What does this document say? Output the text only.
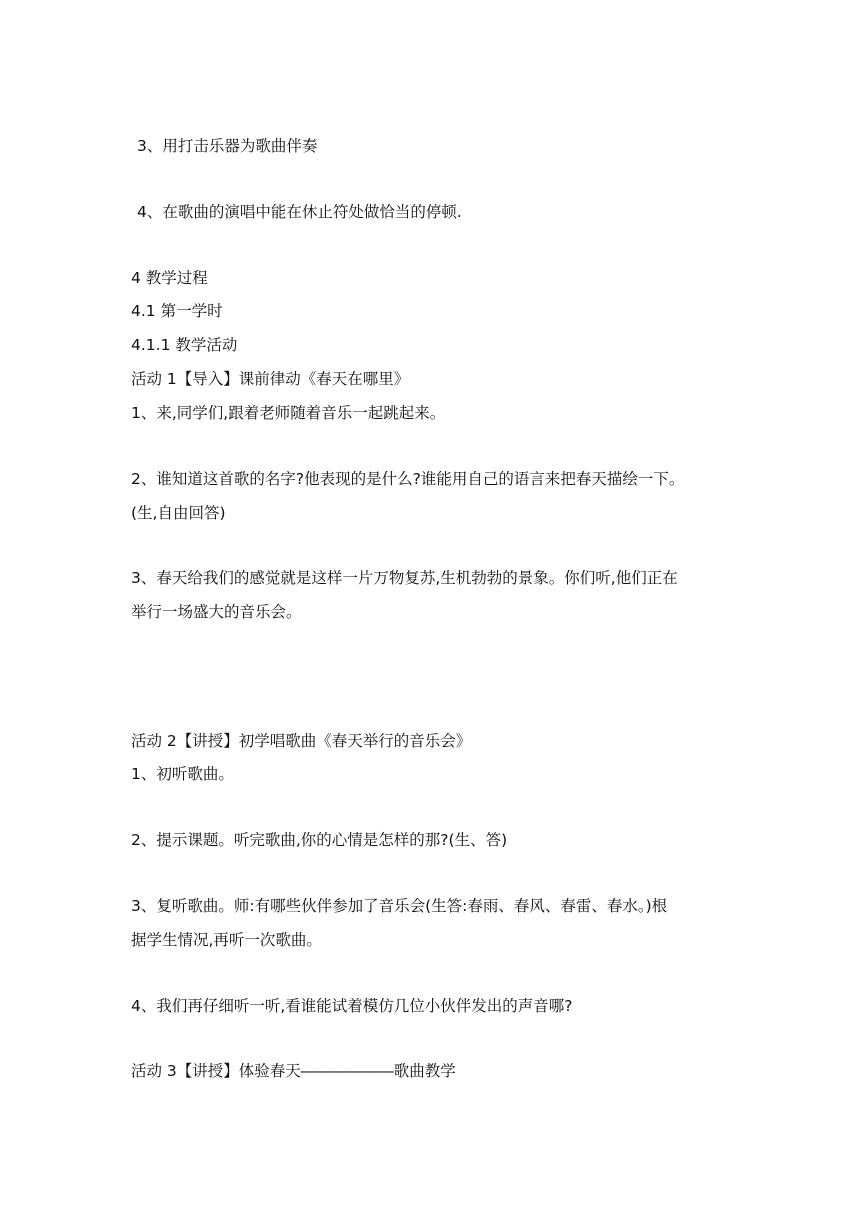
3、用打击乐器为歌曲伴奏
4、在歌曲的演唱中能在休止符处做恰当的停顿.
4 教学过程
4.1 第一学时
4.1.1 教学活动
活动 1【导入】课前律动《春天在哪里》
1、来,同学们,跟着老师随着音乐一起跳起来。
2、谁知道这首歌的名字?他表现的是什么?谁能用自己的语言来把春天描绘一下。
(生,自由回答)
3、春天给我们的感觉就是这样一片万物复苏,生机勃勃的景象。你们听,他们正在
举行一场盛大的音乐会。
活动 2【讲授】初学唱歌曲《春天举行的音乐会》
1、初听歌曲。
2、提示课题。听完歌曲,你的心情是怎样的那?(生、答)
3、复听歌曲。师:有哪些伙伴参加了音乐会(生答:春雨、春风、春雷、春水。)根
据学生情况,再听一次歌曲。
4、我们再仔细听一听,看谁能试着模仿几位小伙伴发出的声音哪?
活动 3【讲授】体验春天――――――歌曲教学
